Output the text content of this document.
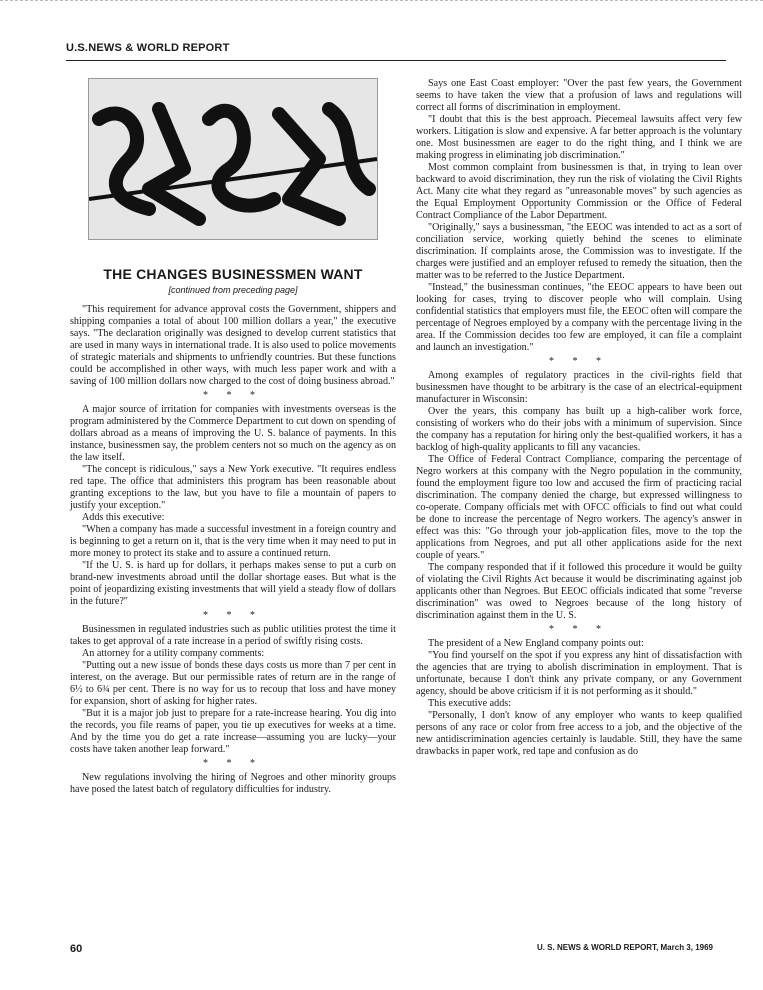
U.S.NEWS & WORLD REPORT
THE CHANGES BUSINESSMEN WANT
[continued from preceding page]

"This requirement for advance approval costs the Government, shippers and shipping companies a total of about 100 million dollars a year," the executive says. "The declaration originally was designed to develop current statistics that are used in many ways in international trade. It is also used to police movements of strategic materials and shipments to unfriendly countries. But these functions could be accomplished in other ways, with much less paper work and with a saving of 100 million dollars now charged to the cost of doing business abroad."

* * *

A major source of irritation for companies with investments overseas is the program administered by the Commerce Department to cut down on spending of dollars abroad as a means of improving the U. S. balance of payments. In this instance, businessmen say, the problem centers not so much on the agency as on the law itself.

"The concept is ridiculous," says a New York executive. "It requires endless red tape. The office that administers this program has been reasonable about granting exceptions to the law, but you have to file a mountain of papers to justify your exception."

Adds this executive:

"When a company has made a successful investment in a foreign country and is beginning to get a return on it, that is the very time when it may need to put in more money to protect its stake and to assure a continued return.

"If the U. S. is hard up for dollars, it perhaps makes sense to put a curb on brand-new investments abroad until the dollar shortage eases. But what is the point of jeopardizing existing investments that will yield a steady flow of dollars in the future?"

* * *

Businessmen in regulated industries such as public utilities protest the time it takes to get approval of a rate increase in a period of swiftly rising costs.

An attorney for a utility company comments:

"Putting out a new issue of bonds these days costs us more than 7 per cent in interest, on the average. But our permissible rates of return are in the range of 6½ to 6¾ per cent. There is no way for us to recoup that loss and have money for expansion, short of asking for higher rates.

"But it is a major job just to prepare for a rate-increase hearing. You dig into the records, you file reams of paper, you tie up executives for weeks at a time. And by the time you do get a rate increase—assuming you are lucky—your costs have taken another leap forward."

* * *

New regulations involving the hiring of Negroes and other minority groups have posed the latest batch of regulatory difficulties for industry.

Says one East Coast employer: "Over the past few years, the Government seems to have taken the view that a profusion of laws and regulations will correct all forms of discrimination in employment.

"I doubt that this is the best approach. Piecemeal lawsuits affect very few workers. Litigation is slow and expensive. A far better approach is the voluntary one. Most businessmen are eager to do the right thing, and I think we are making progress in eliminating job discrimination."

Most common complaint from businessmen is that, in trying to lean over backward to avoid discrimination, they run the risk of violating the Civil Rights Act. Many cite what they regard as "unreasonable moves" by such agencies as the Equal Employment Opportunity Commission or the Office of Federal Contract Compliance of the Labor Department.

"Originally," says a businessman, "the EEOC was intended to act as a sort of conciliation service, working quietly behind the scenes to eliminate discrimination. If complaints arose, the Commission was to investigate. If the charges were justified and an employer refused to remedy the situation, then the matter was to be referred to the Justice Department.

"Instead," the businessman continues, "the EEOC appears to have been out looking for cases, trying to discover people who will complain. Using confidential statistics that employers must file, the EEOC often will compare the percentage of Negroes employed by a company with the percentage living in the area. If the Commission decides too few are employed, it can file a complaint and launch an investigation."

* * *

Among examples of regulatory practices in the civil-rights field that businessmen have thought to be arbitrary is the case of an electrical-equipment manufacturer in Wisconsin:

Over the years, this company has built up a high-caliber work force, consisting of workers who do their jobs with a minimum of supervision. Since the company has a reputation for hiring only the best-qualified workers, it has a backlog of high-quality applicants to fill any vacancies.

The Office of Federal Contract Compliance, comparing the percentage of Negro workers at this company with the Negro population in the community, found the employment figure too low and accused the firm of practicing racial discrimination. The company denied the charge, but expressed willingness to co-operate. Company officials met with OFCC officials to find out what could be done to increase the percentage of Negro workers. The agency's answer in effect was this: "Go through your job-application files, move to the top the applications from Negroes, and put all other applications aside for the next couple of years."

The company responded that if it followed this procedure it would be guilty of violating the Civil Rights Act because it would be discriminating against job applicants other than Negroes. But EEOC officials indicated that some "reverse discrimination" was owed to Negroes because of the long history of discrimination against them in the U. S.

* * *

The president of a New England company points out:

"You find yourself on the spot if you express any hint of dissatisfaction with the agencies that are trying to abolish discrimination in employment. That is unfortunate, because I don't think any private company, or any Government agency, should be above criticism if it is not performing as it should."

This executive adds:

"Personally, I don't know of any employer who wants to keep qualified persons of any race or color from free access to a job, and the objective of the new antidiscrimination agencies certainly is laudable. Still, they have the same drawbacks in paper work, red tape and confusion as do

60	U. S. NEWS & WORLD REPORT, March 3, 1969
